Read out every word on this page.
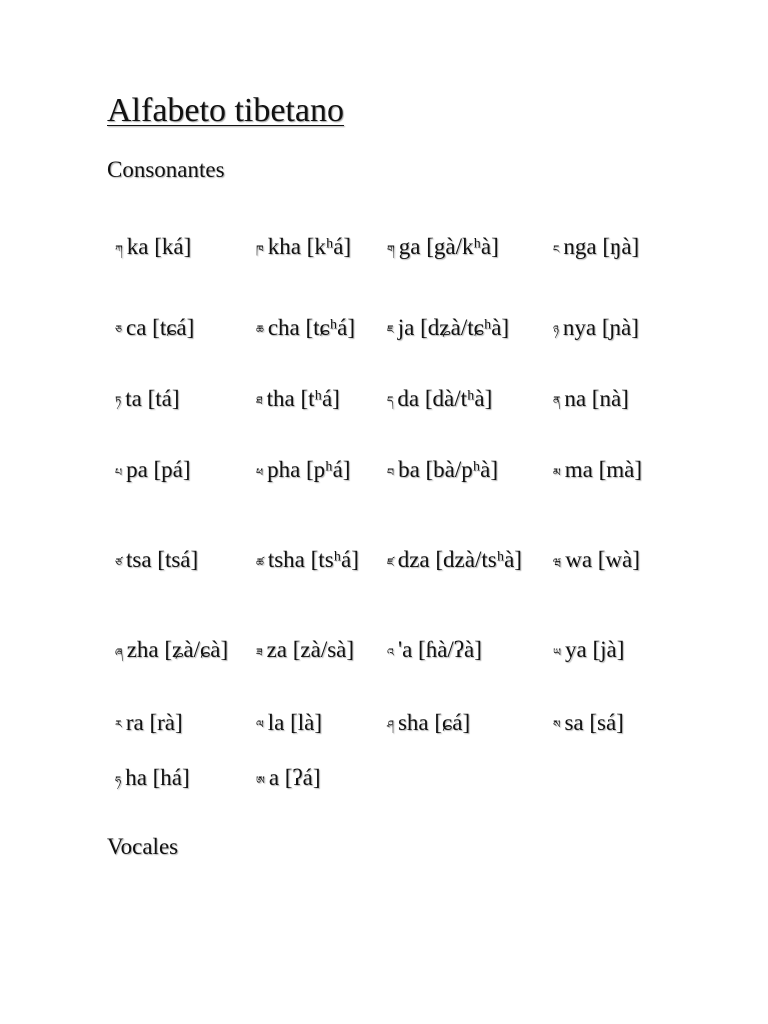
Alfabeto tibetano
Consonantes
ཀ ka [ká]	ཁ kha [kʰá]	ག ga [gà/kʰà]	ང nga [ŋà]
ཅ ca [tɕá]	ཆ cha [tɕʰá]	ཇ ja [dʑà/tɕʰà]	ཉ nya [ɲà]
ཏ ta [tá]	ཐ tha [tʰá]	ད da [dà/tʰà]	ན na [nà]
པ pa [pá]	ཕ pha [pʰá]	བ ba [bà/pʰà]	མ ma [mà]
ཙ tsa [tsá]	ཚ tsha [tsʰá]	ཛ dza [dzà/tsʰà]	ཝ wa [wà]
ཞ zha [ʑà/ɕà]	ཟ za [zà/sà]	འ 'a [ɦà/ʔà]	ཡ ya [jà]
ར ra [rà]	ལ la [là]	ཤ sha [ɕá]	ས sa [sá]
ཧ ha [há]	ཨ a [ʔá]		
Vocales
